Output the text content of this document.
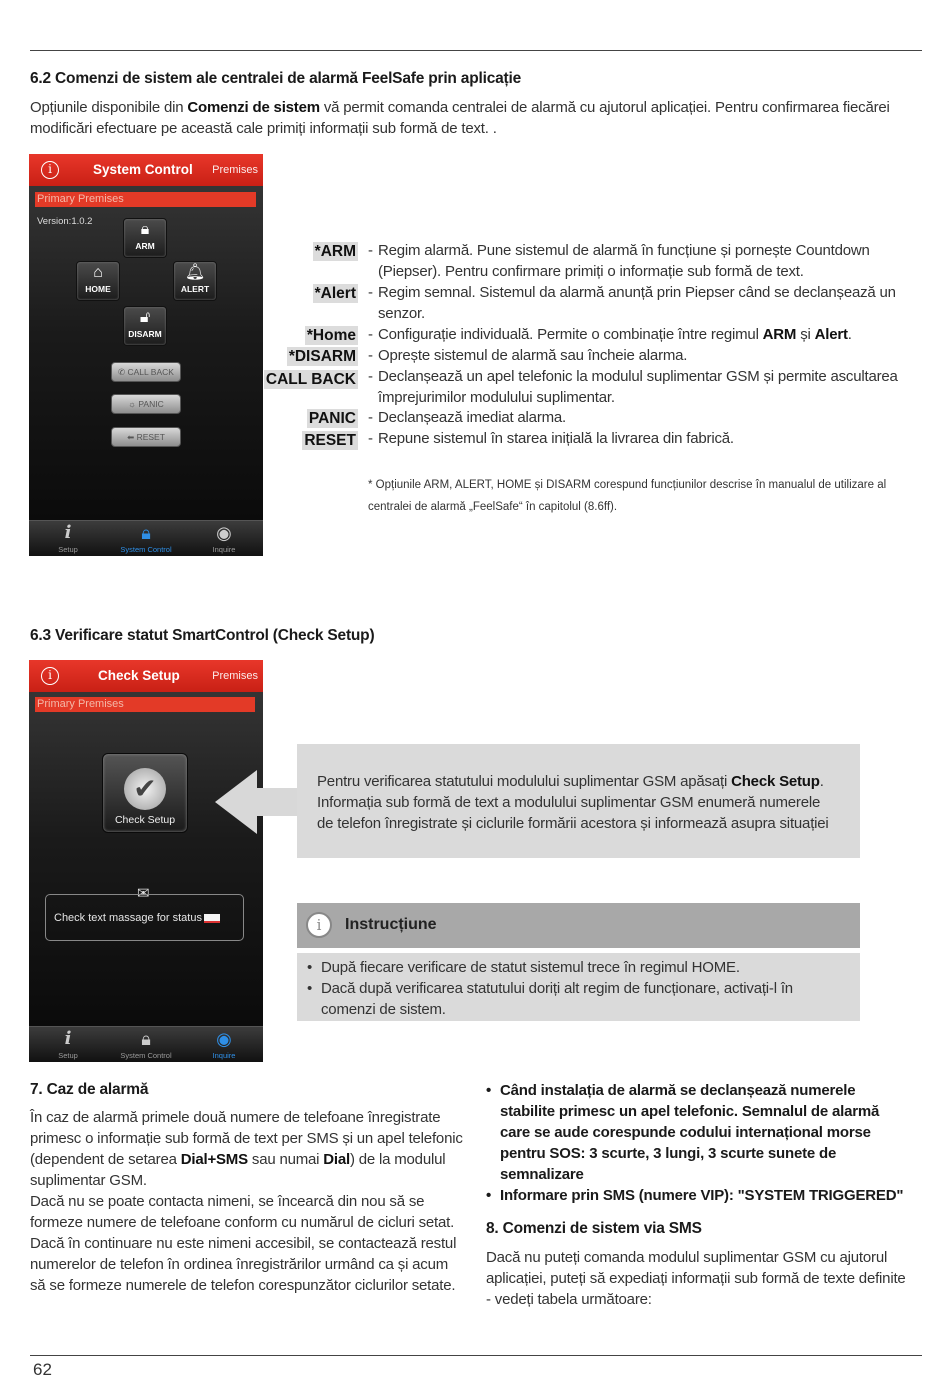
6.2 Comenzi de sistem ale centralei de alarmă FeelSafe prin aplicație
Opțiunile disponibile din Comenzi de sistem vă permit comanda centralei de alarmă cu ajutorul aplicației. Pentru confirmarea fiecărei
modificări efectuare pe această cale primiți informații sub formă de text. .
i	System Control Premises
Primary Premises
Version:1.0.2	🔒︎
ARM
⌂
HOME
🔔︎
ALERT
🔓︎
DISARM
✆ CALL BACK
☼ PANIC
⬅ RESET
i
Setup
🔒︎
System Control
◉
Inquire
*ARM - Regim alarmă. Pune sistemul de alarmă în funcțiune și pornește Countdown
(Piepser). Pentru confirmare primiți o informație sub formă de text.
*Alert - Regim semnal. Sistemul da alarmă anunță prin Piepser când se declanșează un
senzor.
*Home - Configurație individuală. Permite o combinație între regimul ARM și Alert.
*DISARM - Oprește sistemul de alarmă sau încheie alarma.
CALL BACK - Declanșează un apel telefonic la modulul suplimentar GSM și permite ascultarea
împrejurimilor modulului suplimentar.
PANIC - Declanșează imediat alarma.
RESET - Repune sistemul în starea inițială la livrarea din fabrică.
* Opțiunile ARM, ALERT, HOME și DISARM corespund funcțiunilor descrise în manualul de utilizare al
centralei de alarmă „FeelSafe“ în capitolul (8.6ff).
6.3 Verificare statut SmartControl (Check Setup)
i	Check Setup	Premises
Primary Premises
✔
Check Setup
✉
Check text massage for status
i
Setup
🔒︎
System Control
◉
Inquire
Pentru verificarea statutului modulului suplimentar GSM apăsați Check Setup.
Informația sub formă de text a modulului suplimentar GSM enumeră numerele
de telefon înregistrate și ciclurile formării acestora și informează asupra situației
i	Instrucțiune
• După fiecare verificare de statut sistemul trece în regimul HOME.
• Dacă după verificarea statutului doriți alt regim de funcționare, activați-l în
comenzi de sistem.
7. Caz de alarmă
În caz de alarmă primele două numere de telefoane înregistrate
primesc o informație sub formă de text per SMS și un apel telefonic
(dependent de setarea Dial+SMS sau numai Dial) de la modulul
suplimentar GSM.
Dacă nu se poate contacta nimeni, se încearcă din nou să se
formeze numere de telefoane conform cu numărul de cicluri setat.
Dacă în continuare nu este nimeni accesibil, se contactează restul
numerelor de telefon în ordinea înregistrărilor urmând ca și acum
să se formeze numerele de telefon corespunzător ciclurilor setate.
• Când instalația de alarmă se declanșează numerele
stabilite primesc un apel telefonic. Semnalul de alarmă
care se aude corespunde codului internațional morse
pentru SOS: 3 scurte, 3 lungi, 3 scurte sunete de
semnalizare
• Informare prin SMS (numere VIP): "SYSTEM TRIGGERED"
8. Comenzi de sistem via SMS
Dacă nu puteți comanda modulul suplimentar GSM cu ajutorul
aplicației, puteți să expediați informații sub formă de texte definite
- vedeți tabela următoare:
62
